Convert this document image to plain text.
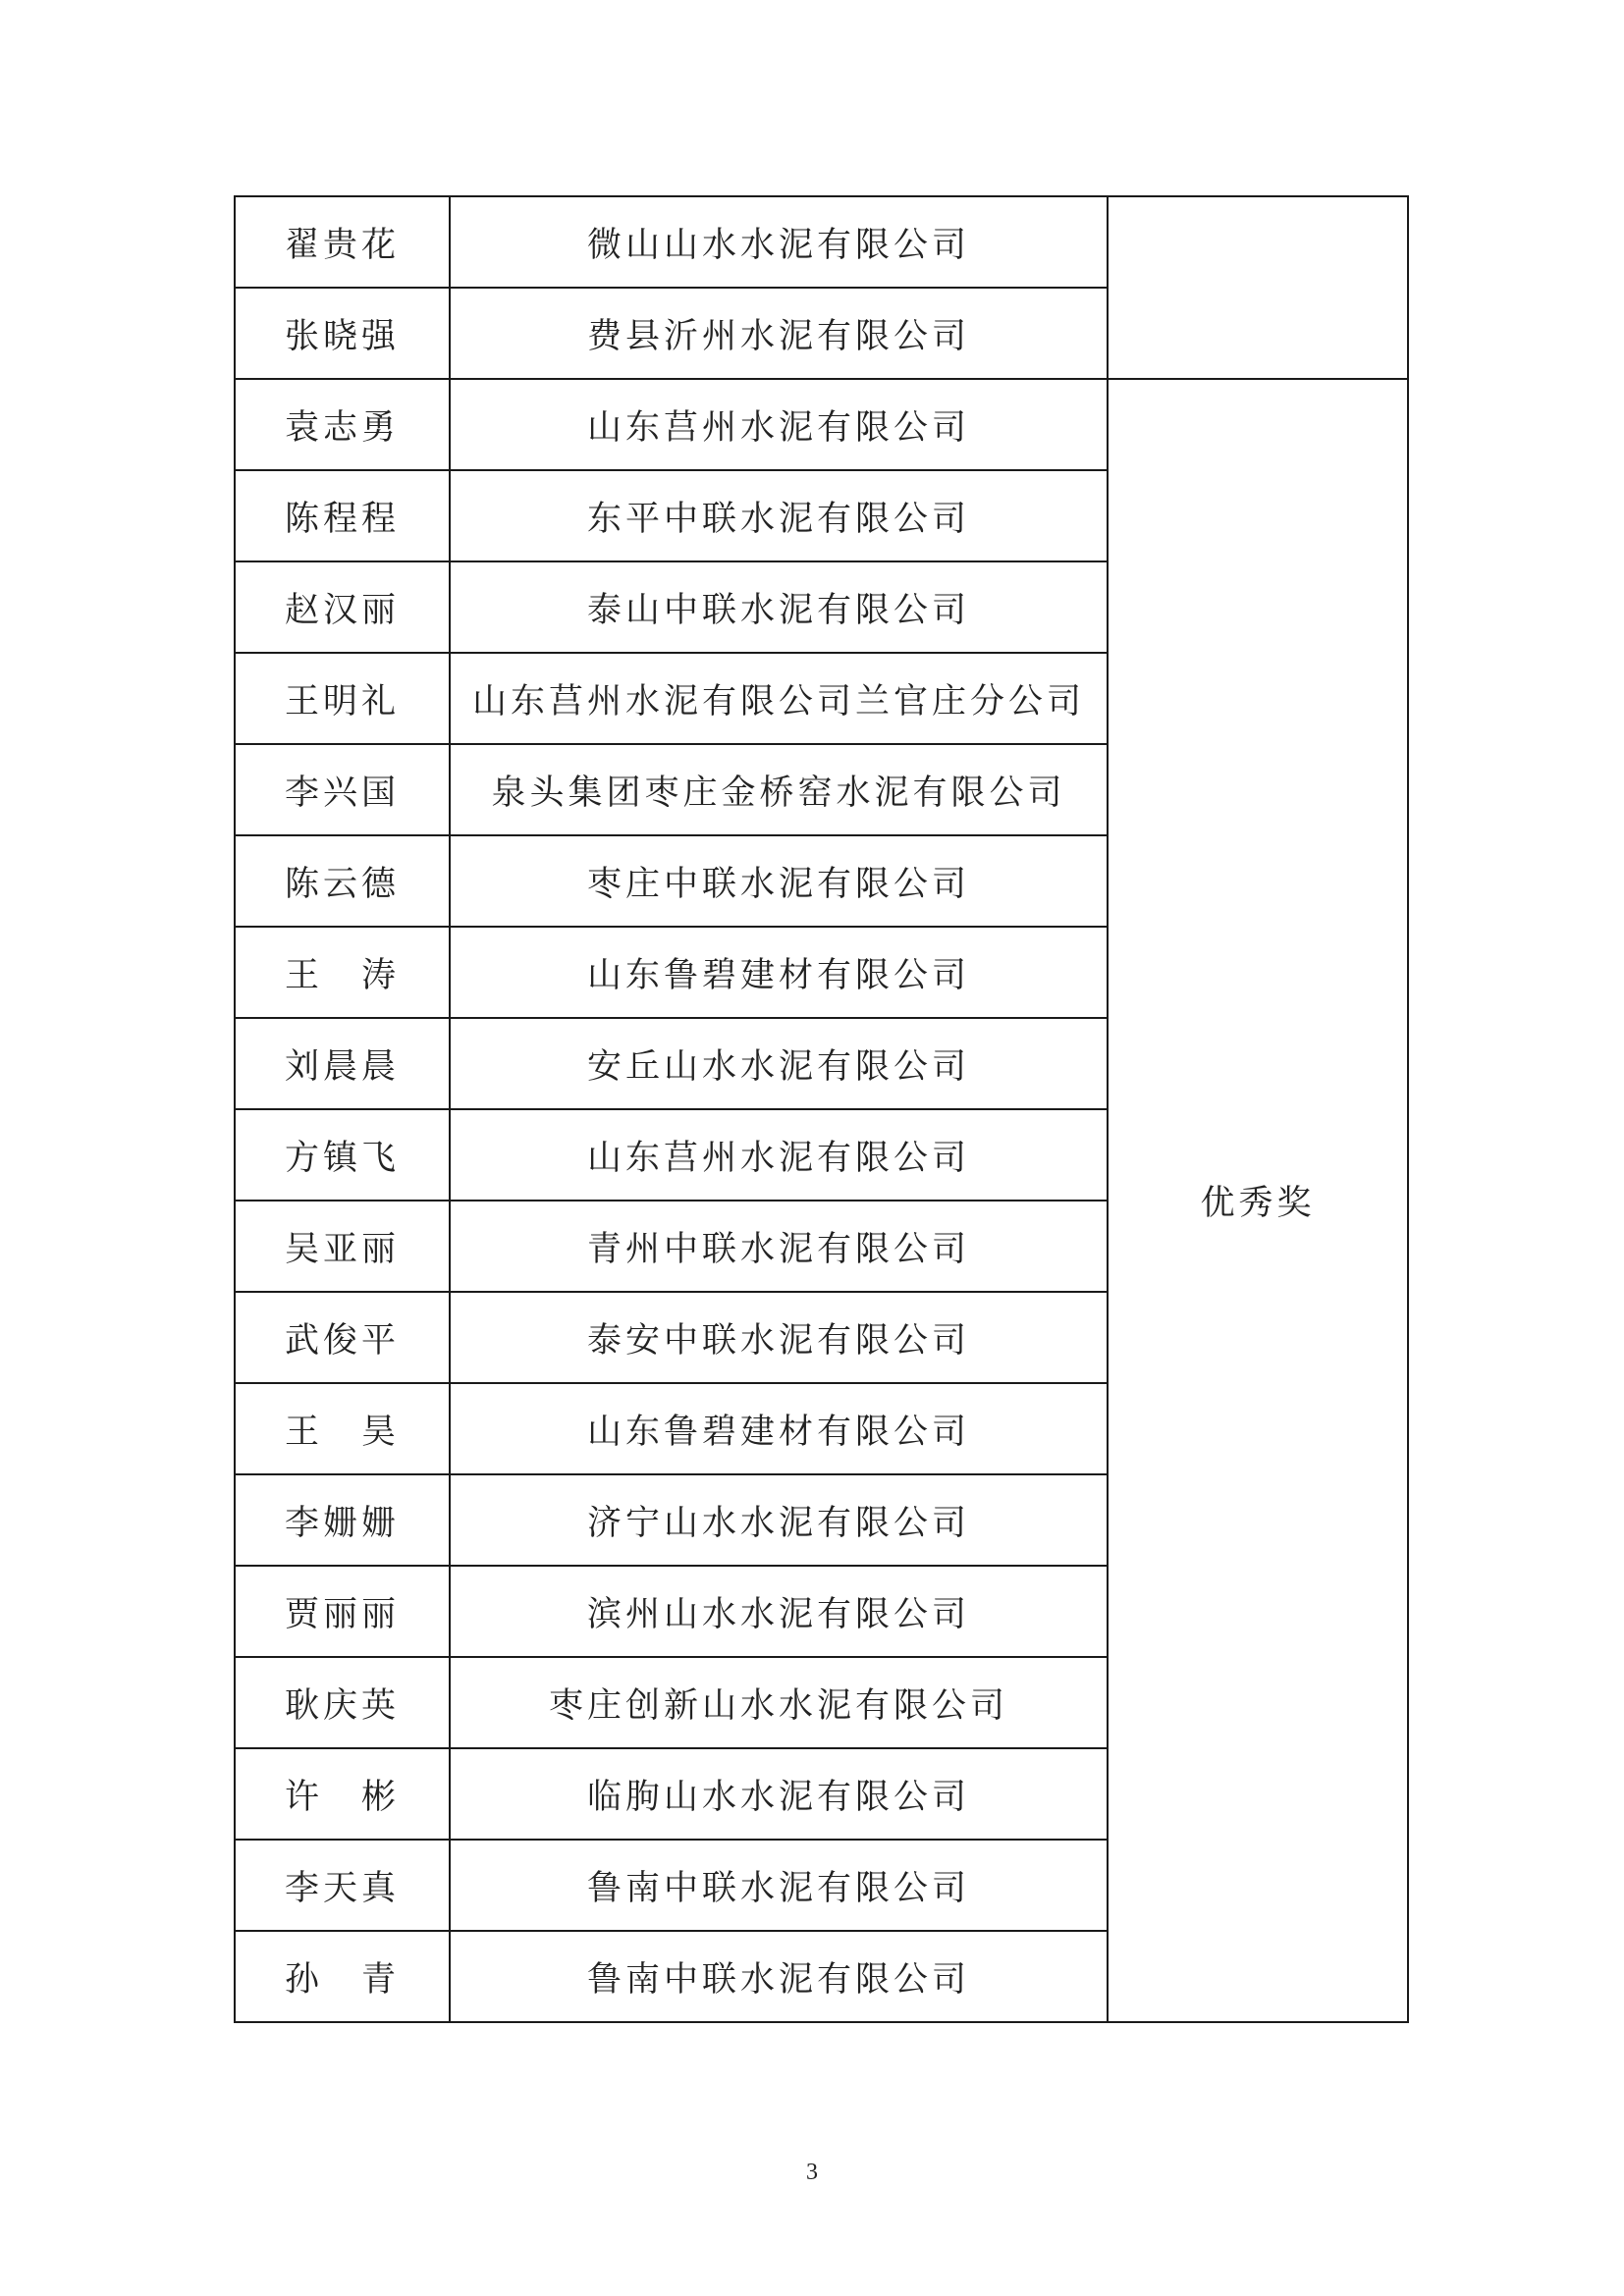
翟贵花	微山山水水泥有限公司	
张晓强	费县沂州水泥有限公司	
袁志勇	山东莒州水泥有限公司	优秀奖
陈程程	东平中联水泥有限公司	
赵汉丽	泰山中联水泥有限公司	
王明礼	山东莒州水泥有限公司兰官庄分公司	
李兴国	泉头集团枣庄金桥窑水泥有限公司	
陈云德	枣庄中联水泥有限公司	
王　涛	山东鲁碧建材有限公司	
刘晨晨	安丘山水水泥有限公司	
方镇飞	山东莒州水泥有限公司	
吴亚丽	青州中联水泥有限公司	
武俊平	泰安中联水泥有限公司	
王　昊	山东鲁碧建材有限公司	
李姗姗	济宁山水水泥有限公司	
贾丽丽	滨州山水水泥有限公司	
耿庆英	枣庄创新山水水泥有限公司	
许　彬	临朐山水水泥有限公司	
李天真	鲁南中联水泥有限公司	
孙　青	鲁南中联水泥有限公司	
3
